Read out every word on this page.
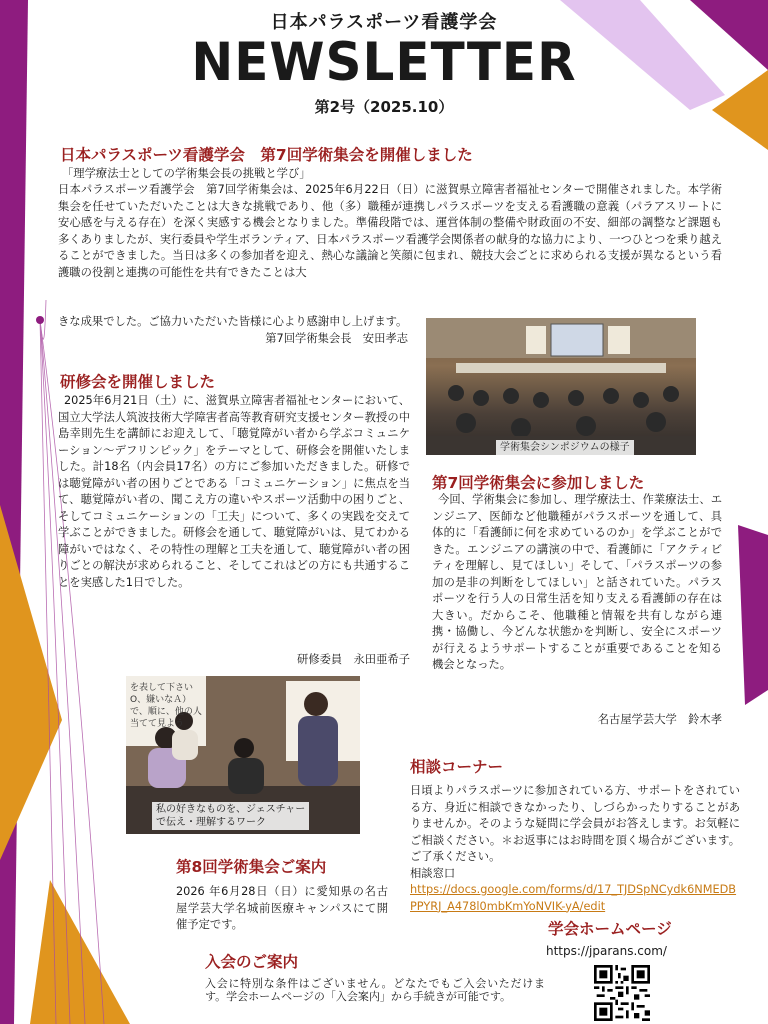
日本パラスポーツ看護学会
NEWSLETTER
第2号（2025.10）
日本パラスポーツ看護学会　第7回学術集会を開催しました
「理学療法士としての学術集会長の挑戦と学び」
日本パラスポーツ看護学会　第7回学術集会は、2025年6月22日（日）に滋賀県立障害者福祉センターで開催されました。本学術集会を任せていただいたことは大きな挑戦であり、他（多）職種が連携しパラスポーツを支える看護職の意義（パラアスリートに安心感を与える存在）を深く実感する機会となりました。準備段階では、運営体制の整備や財政面の不安、細部の調整など課題も多くありましたが、実行委員や学生ボランティア、日本パラスポーツ看護学会関係者の献身的な協力により、一つひとつを乗り越えることができました。当日は多くの参加者を迎え、熱心な議論と笑顔に包まれ、競技大会ごとに求められる支援が異なるという看護職の役割と連携の可能性を共有できたことは大
きな成果でした。ご協力いただいた皆様に心より感謝申し上げます。
第7回学術集会長　安田孝志
学術集会シンポジウムの様子
研修会を開催しました
2025年6月21日（土）に、滋賀県立障害者福祉センターにおいて、国立大学法人筑波技術大学障害者高等教育研究支援センター教授の中島幸則先生を講師にお迎えして、「聴覚障がい者から学ぶコミュニケーション～デフリンピック」をテーマとして、研修会を開催いたしました。計18名（内会員17名）の方にご参加いただきました。研修では聴覚障がい者の困りごとである「コミュニケーション」に焦点を当て、聴覚障がい者の、聞こえ方の違いやスポーツ活動中の困りごと、そしてコミュニケーションの「工夫」について、多くの実践を交えて学ぶことができました。研修会を通して、聴覚障がいは、見てわかる障がいではなく、その特性の理解と工夫を通して、聴覚障がい者の困りごとの解決が求められること、そしてこれはどの方にも共通することを実感した1日でした。
研修委員　永田亜希子
第7回学術集会に参加しました
今回、学術集会に参加し、理学療法士、作業療法士、エンジニア、医師など他職種がパラスポーツを通して、具体的に「看護師に何を求めているのか」を学ぶことができた。エンジニアの講演の中で、看護師に「アクティビティを理解し、見てほしい」そして、「パラスポーツの参加の是非の判断をしてほしい」と話されていた。パラスポーツを行う人の日常生活を知り支える看護師の存在は大きい。だからこそ、他職種と情報を共有しながら連携・協働し、今どんな状態かを判断し、安全にスポーツが行えるようサポートすることが重要であることを知る機会となった。
名古屋学芸大学　鈴木孝
を表して下さい
O、嫌いなＡ）
で、順に、他の人
当てて見よう
私の好きなものを、ジェスチャー
で伝え・理解するワーク
相談コーナー
日頃よりパラスポーツに参加されている方、サポートをされている方、身近に相談できなかったり、しづらかったりすることがありませんか。そのような疑問に学会員がお答えします。お気軽にご相談ください。＊お返事にはお時間を頂く場合がございます。ご了承ください。
相談窓口
https://docs.google.com/forms/d/17_TJDSpNCydk6NMEDBPPYRJ_A478l0mbKmYoNVIK-yA/edit
第8回学術集会ご案内
2026 年6月28日（日）に愛知県の名古屋学芸大学名城前医療キャンパスにて開催予定です。	学会ホームページ
https://jparans.com/
入会のご案内
入会に特別な条件はございません。どなたでもご入会いただけます。学会ホームページの「入会案内」から手続きが可能です。
